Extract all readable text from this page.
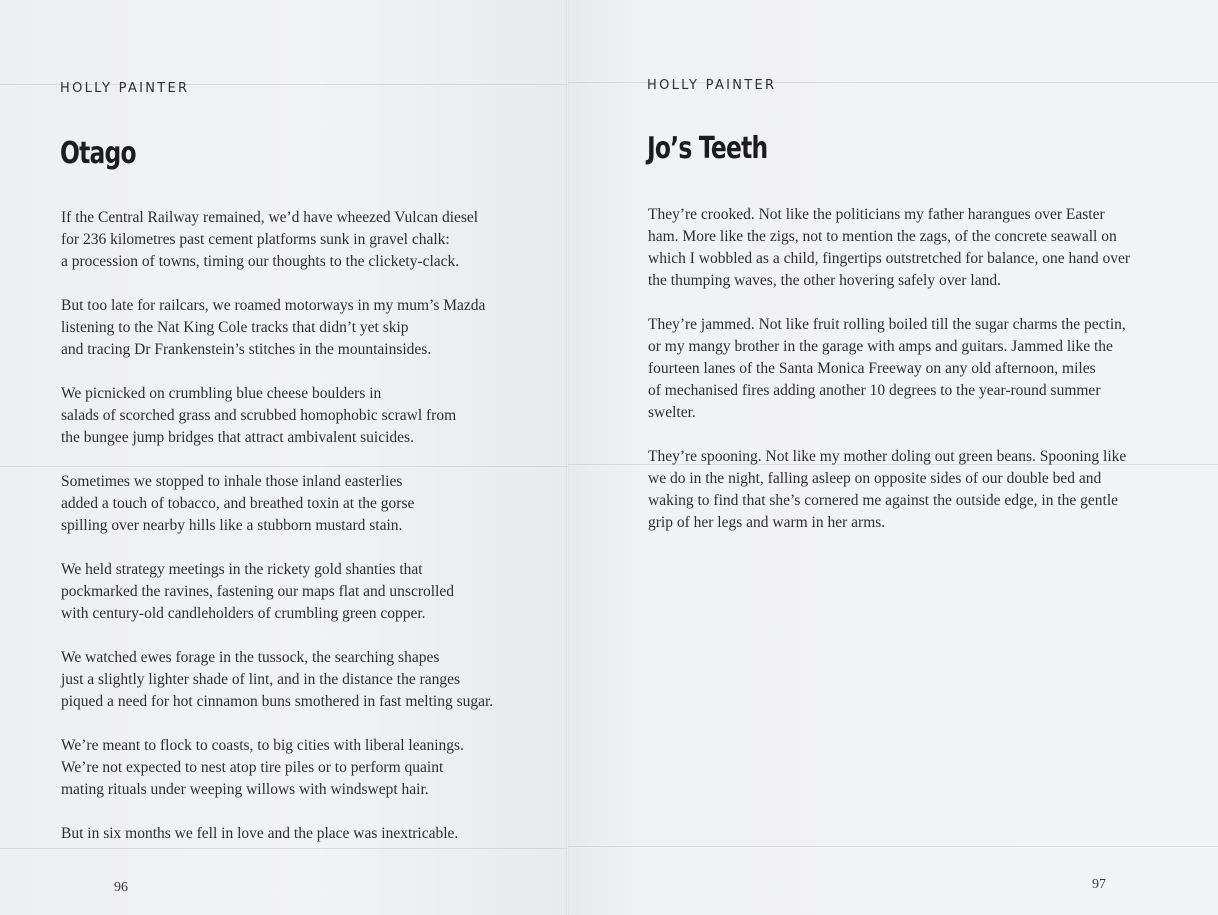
HOLLY PAINTER

Otago
If the Central Railway remained, we’d have wheezed Vulcan diesel
for 236 kilometres past cement platforms sunk in gravel chalk:
a procession of towns, timing our thoughts to the clickety-clack.
But too late for railcars, we roamed motorways in my mum’s Mazda
listening to the Nat King Cole tracks that didn’t yet skip
and tracing Dr Frankenstein’s stitches in the mountainsides.
We picnicked on crumbling blue cheese boulders in
salads of scorched grass and scrubbed homophobic scrawl from
the bungee jump bridges that attract ambivalent suicides.
Sometimes we stopped to inhale those inland easterlies
added a touch of tobacco, and breathed toxin at the gorse
spilling over nearby hills like a stubborn mustard stain.
We held strategy meetings in the rickety gold shanties that
pockmarked the ravines, fastening our maps flat and unscrolled
with century-old candleholders of crumbling green copper.
We watched ewes forage in the tussock, the searching shapes
just a slightly lighter shade of lint, and in the distance the ranges
piqued a need for hot cinnamon buns smothered in fast melting sugar.
We’re meant to flock to coasts, to big cities with liberal leanings.
We’re not expected to nest atop tire piles or to perform quaint
mating rituals under weeping willows with windswept hair.
But in six months we fell in love and the place was inextricable.

96

HOLLY PAINTER

Jo’s Teeth
They’re crooked. Not like the politicians my father harangues over Easter
ham. More like the zigs, not to mention the zags, of the concrete seawall on
which I wobbled as a child, fingertips outstretched for balance, one hand over
the thumping waves, the other hovering safely over land.
They’re jammed. Not like fruit rolling boiled till the sugar charms the pectin,
or my mangy brother in the garage with amps and guitars. Jammed like the
fourteen lanes of the Santa Monica Freeway on any old afternoon, miles
of mechanised fires adding another 10 degrees to the year-round summer
swelter.
They’re spooning. Not like my mother doling out green beans. Spooning like
we do in the night, falling asleep on opposite sides of our double bed and
waking to find that she’s cornered me against the outside edge, in the gentle
grip of her legs and warm in her arms.

97
